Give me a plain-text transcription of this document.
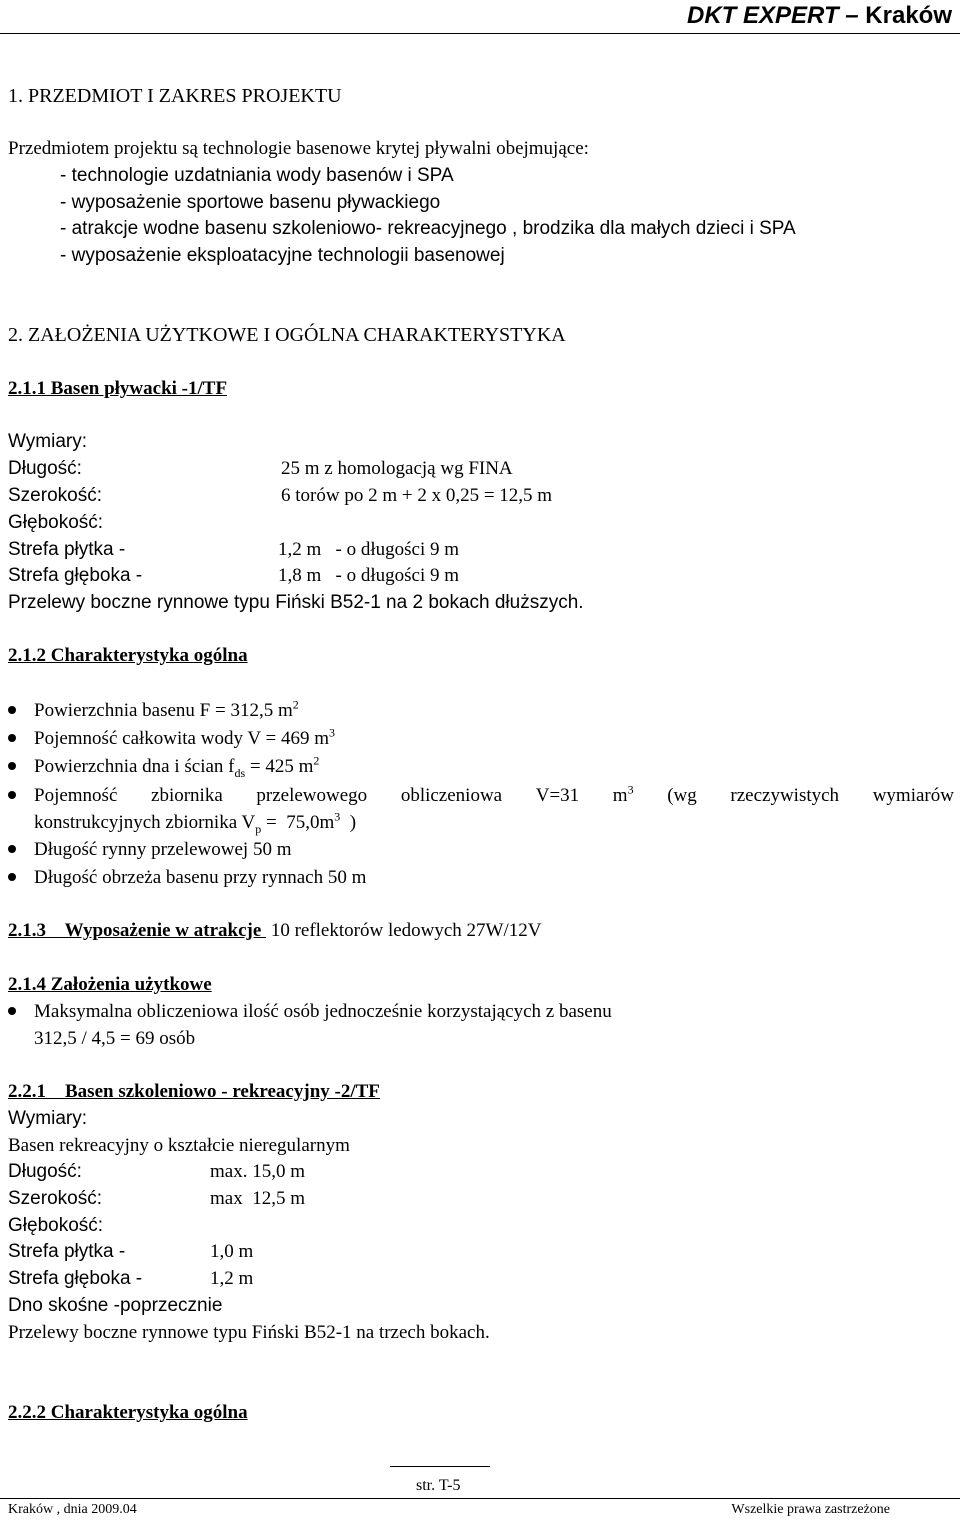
DKT EXPERT – Kraków
1. PRZEDMIOT I ZAKRES PROJEKTU
Przedmiotem projektu są technologie basenowe krytej pływalni obejmujące:
- technologie uzdatniania wody basenów i SPA
- wyposażenie sportowe basenu pływackiego
- atrakcje wodne basenu szkoleniowo- rekreacyjnego , brodzika dla małych dzieci i SPA
- wyposażenie eksploatacyjne technologii basenowej
2. ZAŁOŻENIA UŻYTKOWE I OGÓLNA CHARAKTERYSTYKA
2.1.1 Basen pływacki -1/TF
Wymiary:
Długość:	25 m z homologacją wg FINA
Szerokość:	6 torów po 2 m + 2 x 0,25 = 12,5 m
Głębokość:
Strefa płytka -	1,2 m   - o długości 9 m
Strefa głęboka -	1,8 m   - o długości 9 m
Przelewy boczne rynnowe typu Fiński B52-1 na 2 bokach dłuższych.
2.1.2 Charakterystyka ogólna
Powierzchnia basenu F = 312,5 $m^2$
Pojemność całkowita wody V = 469 $m^3$
Powierzchnia dna i ścian $f_{ds} = 425$ $m^2$
Pojemność zbiornika przelewowego obliczeniowa V=31 $m^3$ (wg rzeczywistych wymiarów
konstrukcyjnych zbiornika $V_p = 75,0m^3$  )
Długość rynny przelewowej 50 m
Długość obrzeża basenu przy rynnach 50 m
2.1.3    Wyposażenie w atrakcje  10 reflektorów ledowych 27W/12V
2.1.4 Założenia użytkowe
Maksymalna obliczeniowa ilość osób jednocześnie korzystających z basenu
312,5 / 4,5 = 69 osób
2.2.1    Basen szkoleniowo - rekreacyjny -2/TF
Wymiary:
Basen rekreacyjny o kształcie nieregularnym
Długość:	max. 15,0 m
Szerokość:	max  12,5 m
Głębokość:
Strefa płytka -	1,0 m
Strefa głęboka -	1,2 m
Dno skośne -poprzecznie
Przelewy boczne rynnowe typu Fiński B52-1 na trzech bokach.
2.2.2 Charakterystyka ogólna
str. T-5
Kraków , dnia 2009.04	Wszelkie prawa zastrzeżone
